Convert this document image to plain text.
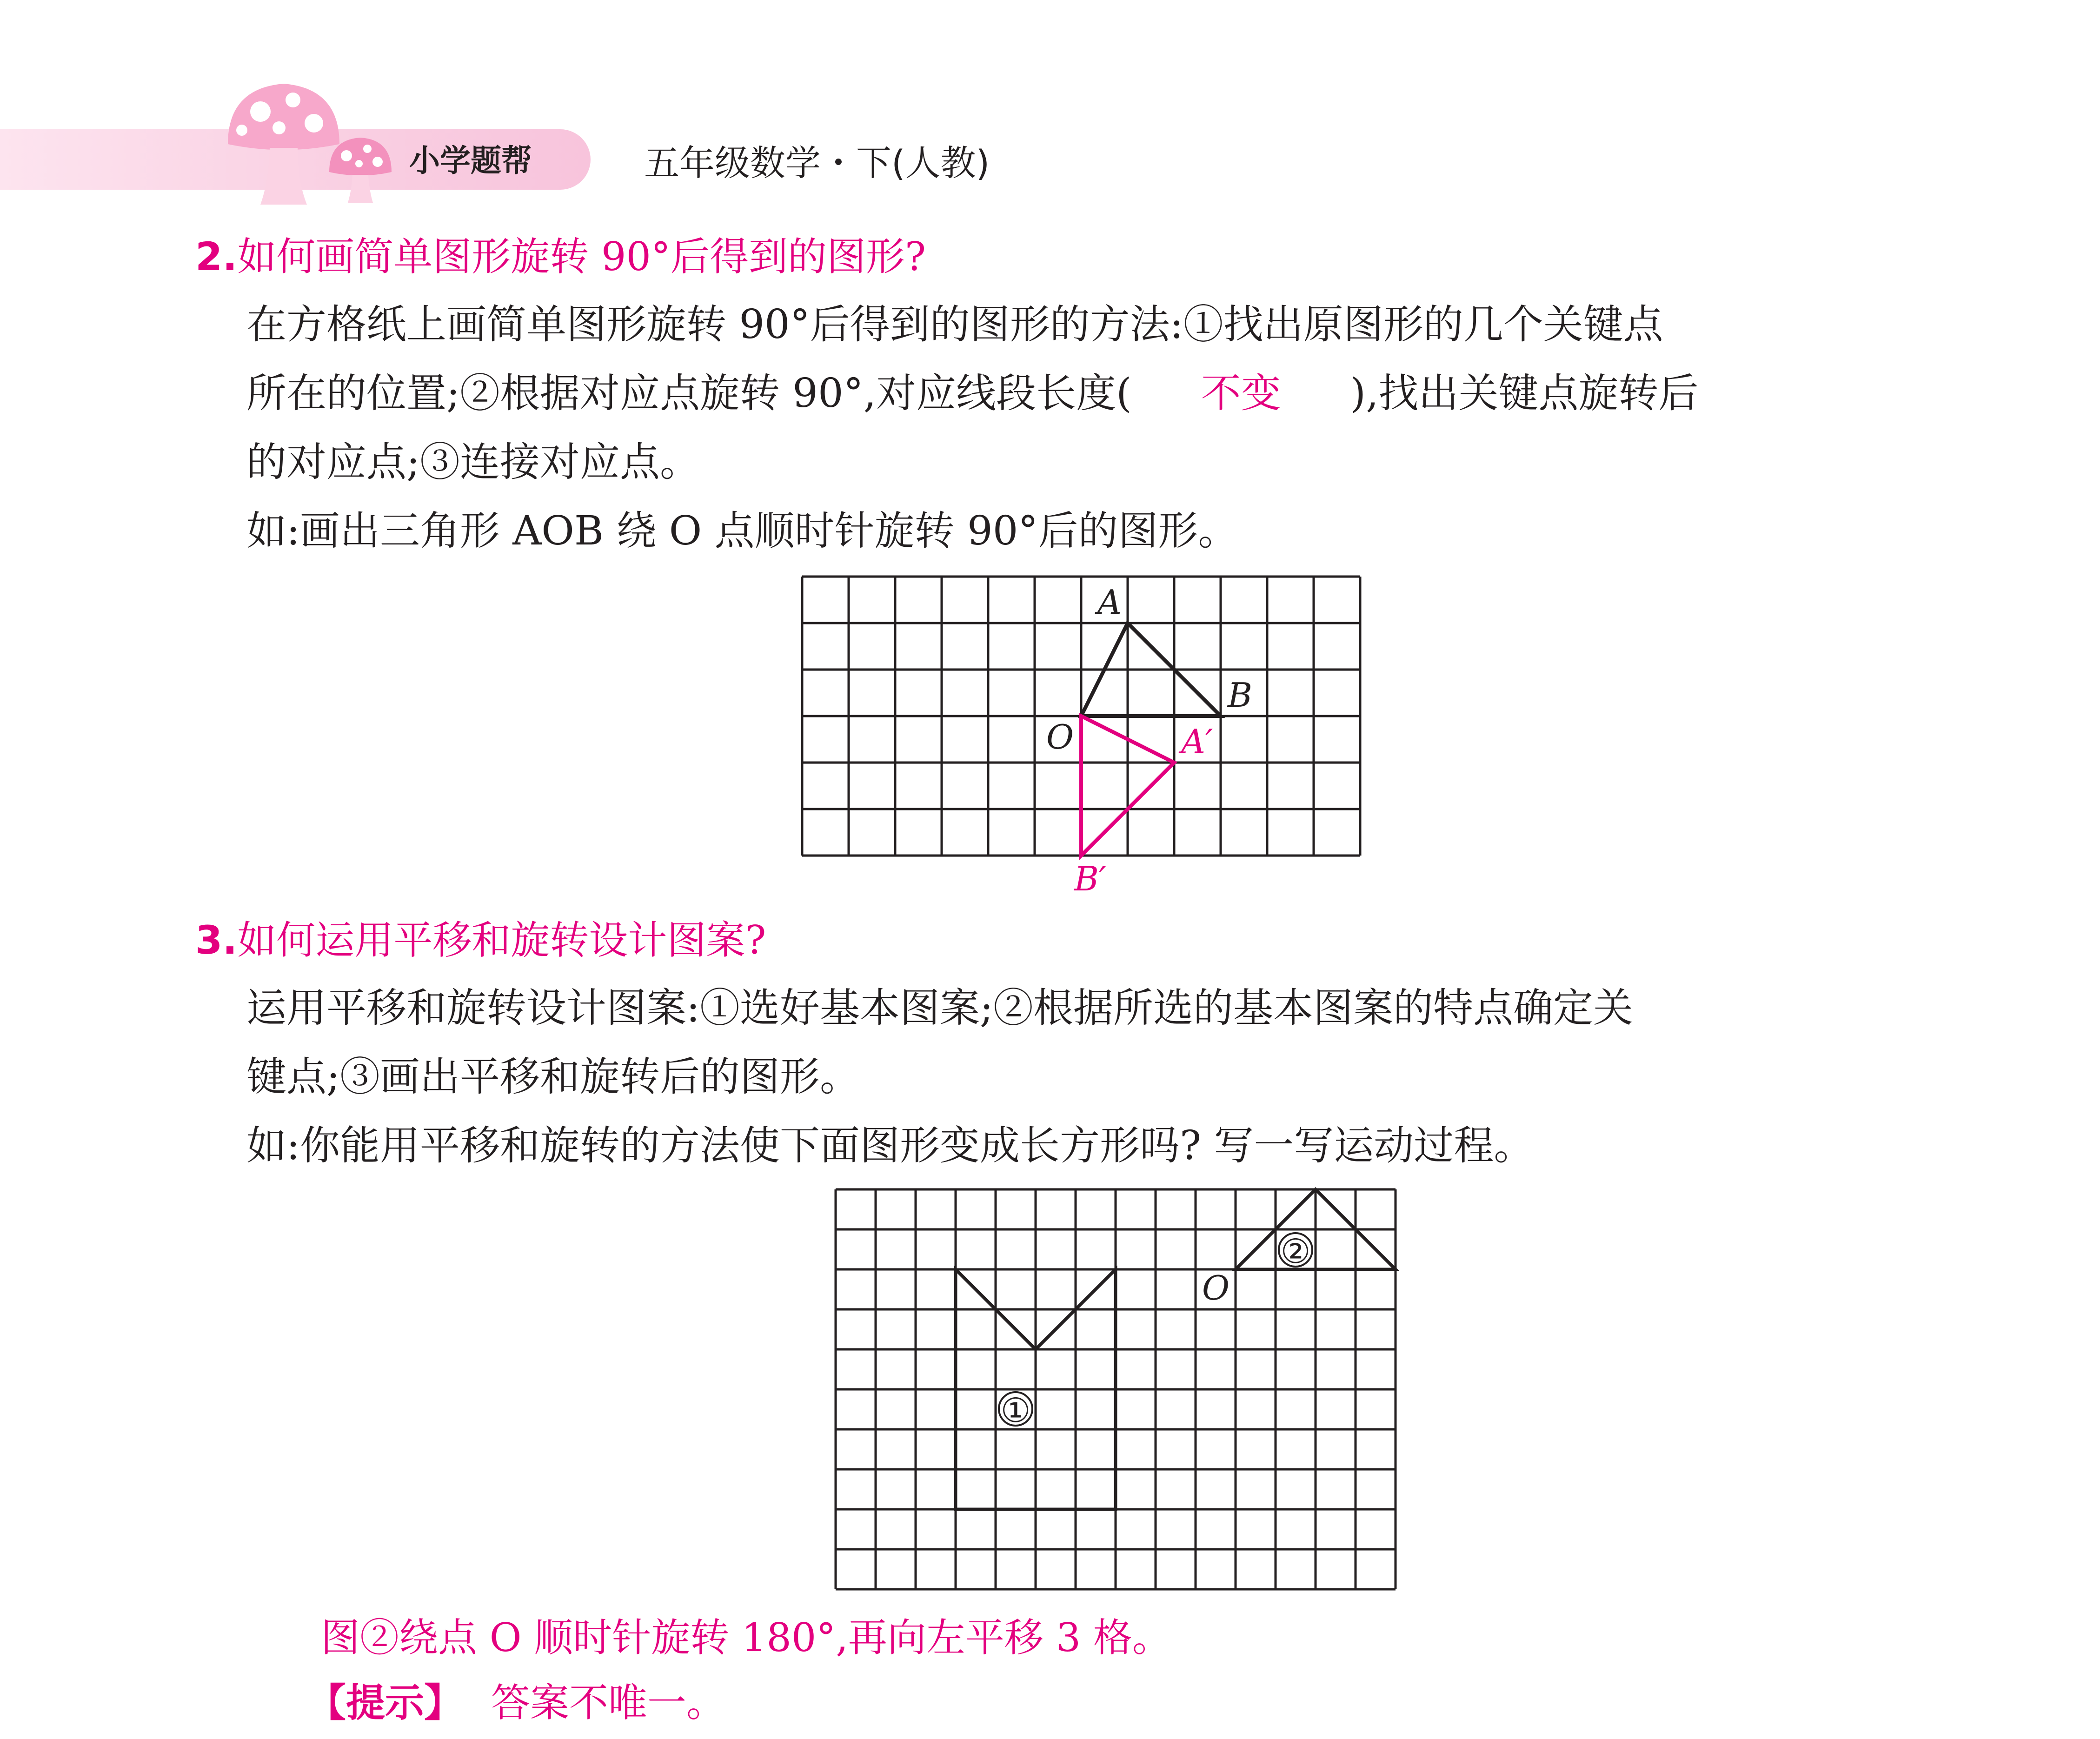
小学题帮	五年级数学・下(人教)
2.如何画简单图形旋转 90°后得到的图形?
在方格纸上画简单图形旋转 90°后得到的图形的方法:①找出原图形的几个关键点
所在的位置;②根据对应点旋转 90°,对应线段长度( 不变 ),找出关键点旋转后
的对应点;③连接对应点。
如:画出三角形 AOB 绕 O 点顺时针旋转 90°后的图形。
A
B
O	A′
B′
3.如何运用平移和旋转设计图案?
运用平移和旋转设计图案:①选好基本图案;②根据所选的基本图案的特点确定关
键点;③画出平移和旋转后的图形。
如:你能用平移和旋转的方法使下面图形变成长方形吗? 写一写运动过程。
①
②
O
图②绕点 O 顺时针旋转 180°,再向左平移 3 格。
【提示】 答案不唯一。
